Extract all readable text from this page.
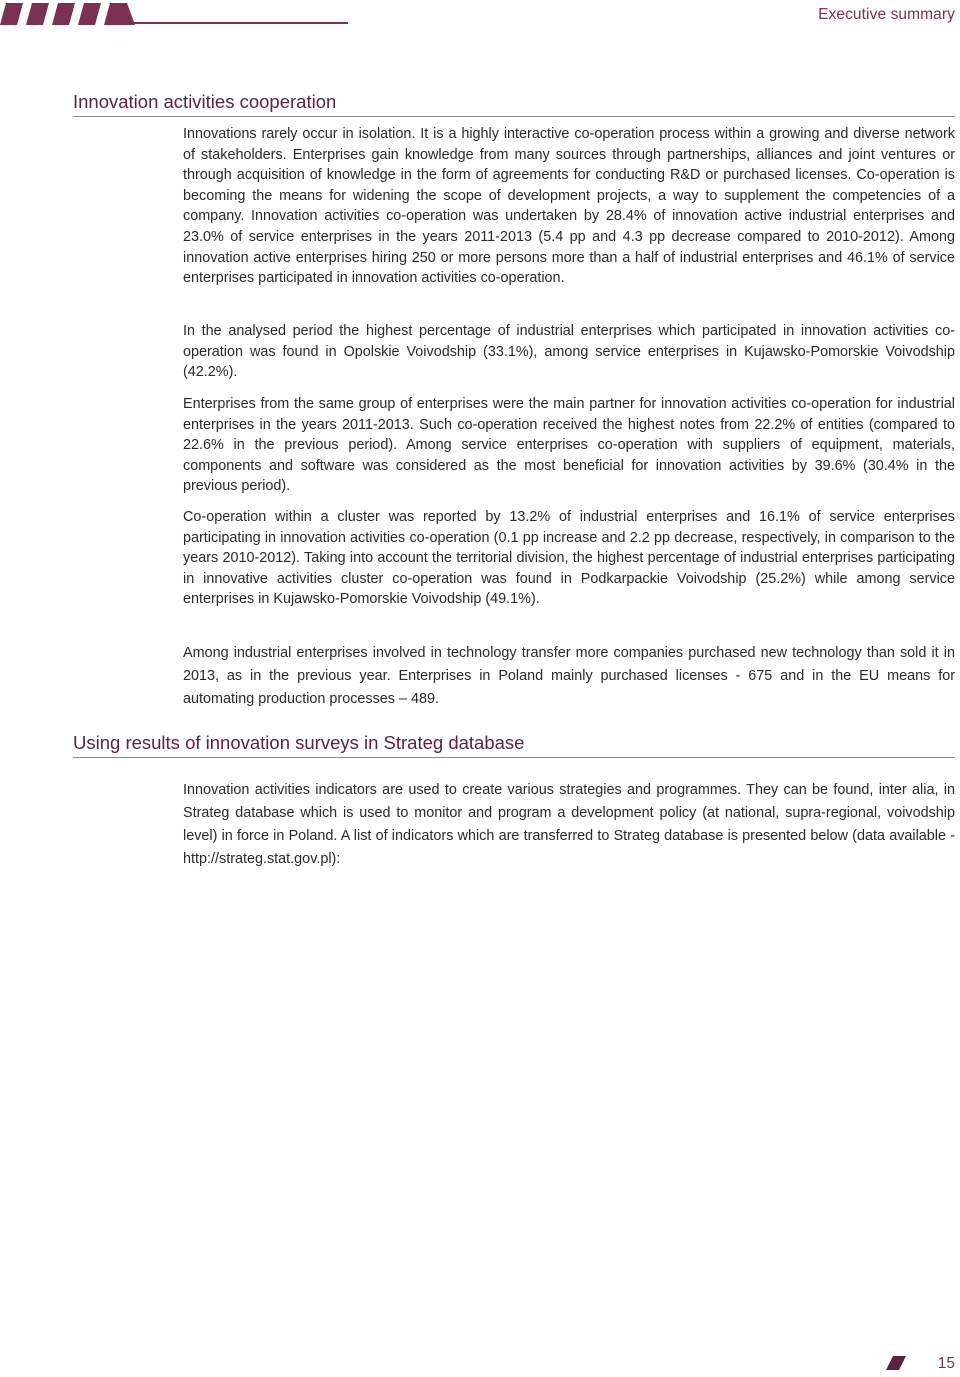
Executive summary
Innovation activities cooperation

Innovations rarely occur in isolation. It is a highly interactive co-operation process within a growing and diverse network of stakeholders. Enterprises gain knowledge from many sources through partnerships, alliances and joint ventures or through acquisition of knowledge in the form of agreements for conducting R&D or purchased licenses. Co-operation is becoming the means for widening the scope of development projects, a way to supplement the competencies of a company. Innovation activities co-operation was undertaken by 28.4% of innovation active industrial enterprises and 23.0% of service enterprises in the years 2011-2013 (5.4 pp and 4.3 pp decrease compared to 2010-2012). Among innovation active enterprises hiring 250 or more persons more than a half of industrial enterprises and 46.1% of service enterprises participated in innovation activities co-operation.

In the analysed period the highest percentage of industrial enterprises which participated in innovation activities co-operation was found in Opolskie Voivodship (33.1%), among service enterprises in Kujawsko-Pomorskie Voivodship (42.2%).

Enterprises from the same group of enterprises were the main partner for innovation activities co-operation for industrial enterprises in the years 2011-2013. Such co-operation received the highest notes from 22.2% of entities (compared to 22.6% in the previous period). Among service enterprises co-operation with suppliers of equipment, materials, components and software was considered as the most beneficial for innovation activities by 39.6% (30.4% in the previous period).

Co-operation within a cluster was reported by 13.2% of industrial enterprises and 16.1% of service enterprises participating in innovation activities co-operation (0.1 pp increase and 2.2 pp decrease, respectively, in comparison to the years 2010-2012). Taking into account the territorial division, the highest percentage of industrial enterprises participating in innovative activities cluster co-operation was found in Podkarpackie Voivodship (25.2%) while among service enterprises in Kujawsko-Pomorskie Voivodship (49.1%).

Among industrial enterprises involved in technology transfer more companies purchased new technology than sold it in 2013, as in the previous year. Enterprises in Poland mainly purchased licenses - 675 and in the EU means for automating production processes – 489.

Using results of innovation surveys in Strateg database

Innovation activities indicators are used to create various strategies and programmes. They can be found, inter alia, in Strateg database which is used to monitor and program a development policy (at national, supra-regional, voivodship level) in force in Poland. A list of indicators which are transferred to Strateg database is presented below (data available - http://strateg.stat.gov.pl):

15
